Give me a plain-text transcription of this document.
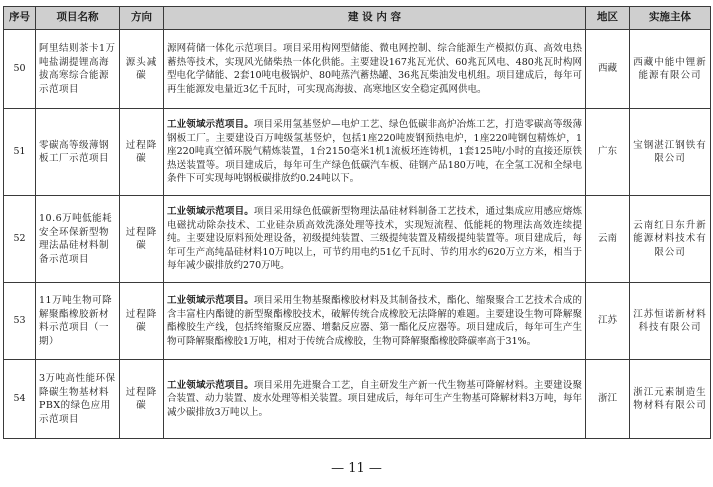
序号	项目名称	方向	建 设 内 容	地区	实施主体
50	阿里结则茶卡1万吨盐湖提锂高海拔高寒综合能源示范项目	源头减碳	源网荷储一体化示范项目。项目采用构网型储能、微电网控制、综合能源生产模拟仿真、高效电热蓄热等技术，实现风光储柴热一体化供能。主要建设167兆瓦光伏、60兆瓦风电、480兆瓦时构网型电化学储能、2套10吨电极锅炉、80吨蒸汽蓄热罐、36兆瓦柴油发电机组。项目建成后，每年可再生能源发电量近3亿千瓦时，可实现高海拔、高寒地区安全稳定孤网供电。	西藏	西藏中能中锂新能源有限公司
51	零碳高等级薄钢板工厂示范项目	过程降碳	工业领域示范项目。项目采用氢基竖炉—电炉工艺、绿色低碳非高炉冶炼工艺，打造零碳高等级薄钢板工厂。主要建设百万吨级氢基竖炉，包括1座220吨废钢预热电炉，1座220吨钢包精炼炉，1座220吨真空循环脱气精炼装置，1台2150毫米1机1流板坯连铸机，1套125吨/小时的直接还原铁热送装置等。项目建成后，每年可生产绿色低碳汽车板、硅钢产品180万吨，在全氢工况和全绿电条件下可实现每吨钢板碳排放约0.24吨以下。	广东	宝钢湛江钢铁有限公司
52	10.6万吨低能耗安全环保新型物理法晶硅材料制备示范项目	过程降碳	工业领域示范项目。项目采用绿色低碳新型物理法晶硅材料制备工艺技术，通过集成应用感应熔炼电磁扰动除杂技术、工业硅杂质高效洗涤处理等技术，实现短流程、低能耗的物理法高效连续提纯。主要建设原料预处理设备，初级提纯装置、三级提纯装置及精级提纯装置等。项目建成后，每年可生产高纯晶硅材料10万吨以上，可节约用电约51亿千瓦时、节约用水约620万立方米，相当于每年减少碳排放约270万吨。	云南	云南红日东升新能源材料技术有限公司
53	11万吨生物可降解聚酯橡胶新材料示范项目（一期）	过程降碳	工业领域示范项目。项目采用生物基聚酯橡胶材料及其制备技术，酯化、缩聚聚合工艺技术合成的含丰富柱内酯键的新型聚酯橡胶技术，破解传统合成橡胶无法降解的难题。主要建设生物可降解聚酯橡胶生产线，包括终缩聚反应器、增黏反应器、第一酯化反应器等。项目建成后，每年可生产生物可降解聚酯橡胶1万吨，相对于传统合成橡胶，生物可降解聚酯橡胶降碳率高于31%。	江苏	江苏恒诺新材料科技有限公司
54	3万吨高性能环保降碳生物基材料PBX的绿色应用示范项目	过程降碳	工业领域示范项目。项目采用先进聚合工艺，自主研发生产新一代生物基可降解材料。主要建设聚合装置、动力装置、废水处理等相关装置。项目建成后，每年可生产生物基可降解材料3万吨，每年减少碳排放3万吨以上。	浙江	浙江元素制造生物材料有限公司
— 11 —
